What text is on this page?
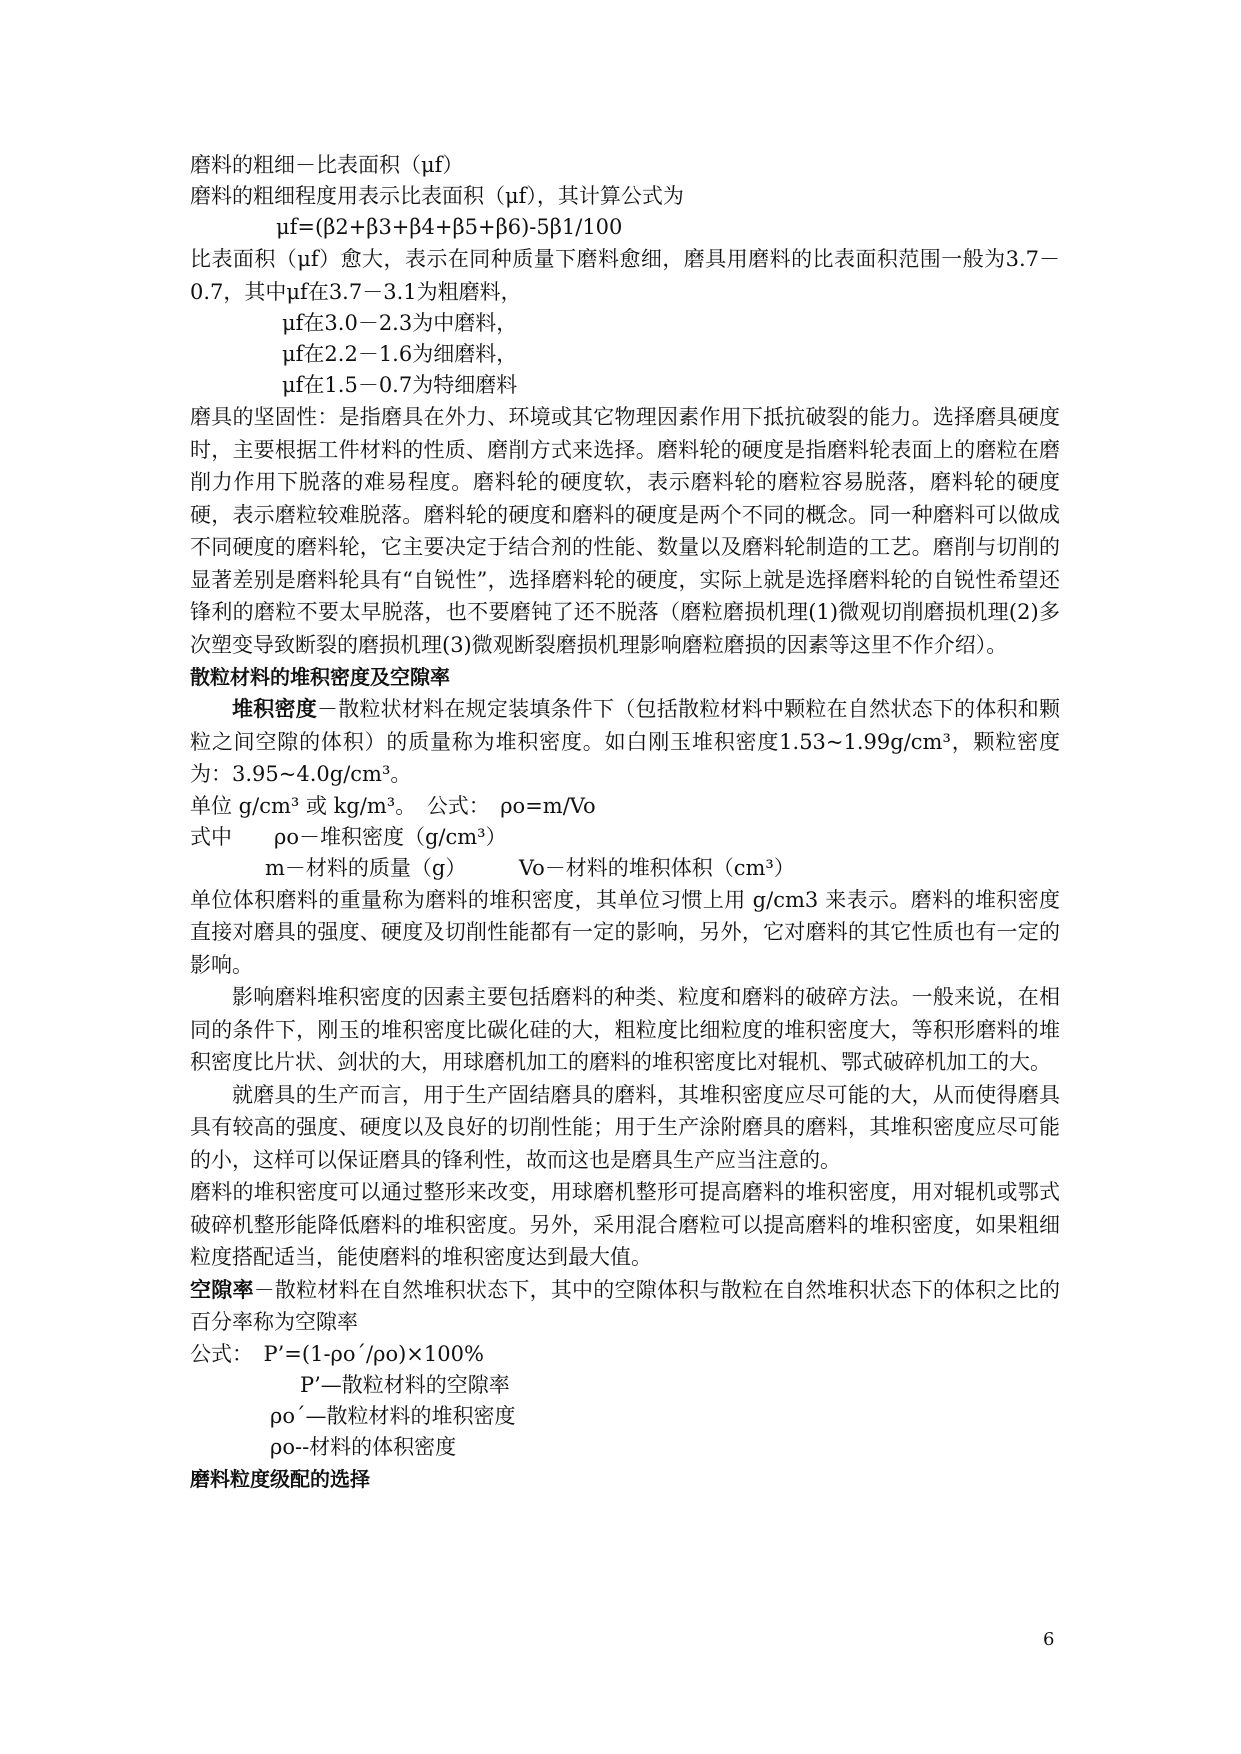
磨料的粗细－比表面积（μf）
磨料的粗细程度用表示比表面积（μf），其计算公式为
μf=(β2+β3+β4+β5+β6)-5β1/100
比表面积（μf）愈大，表示在同种质量下磨料愈细，磨具用磨料的比表面积范围一般为3.7－0.7，其中μf在3.7－3.1为粗磨料，
μf在3.0－2.3为中磨料，
μf在2.2－1.6为细磨料，
μf在1.5－0.7为特细磨料
磨具的坚固性：是指磨具在外力、环境或其它物理因素作用下抵抗破裂的能力。选择磨具硬度时，主要根据工件材料的性质、磨削方式来选择。磨料轮的硬度是指磨料轮表面上的磨粒在磨削力作用下脱落的难易程度。磨料轮的硬度软，表示磨料轮的磨粒容易脱落，磨料轮的硬度硬，表示磨粒较难脱落。磨料轮的硬度和磨料的硬度是两个不同的概念。同一种磨料可以做成不同硬度的磨料轮，它主要决定于结合剂的性能、数量以及磨料轮制造的工艺。磨削与切削的显著差别是磨料轮具有“自锐性”，选择磨料轮的硬度，实际上就是选择磨料轮的自锐性希望还锋利的磨粒不要太早脱落，也不要磨钝了还不脱落（磨粒磨损机理(1)微观切削磨损机理(2)多次塑变导致断裂的磨损机理(3)微观断裂磨损机理影响磨粒磨损的因素等这里不作介绍）。
散粒材料的堆积密度及空隙率
堆积密度－散粒状材料在规定装填条件下（包括散粒材料中颗粒在自然状态下的体积和颗粒之间空隙的体积）的质量称为堆积密度。如白刚玉堆积密度1.53~1.99g/cm³，颗粒密度为：3.95~4.0g/cm³。
单位 g/cm³ 或 kg/m³。　公式：　ρo=m/Vo
式中　　ρo－堆积密度（g/cm³）
m－材料的质量（g）　　　Vo－材料的堆积体积（cm³）
单位体积磨料的重量称为磨料的堆积密度，其单位习惯上用 g/cm3 来表示。磨料的堆积密度直接对磨具的强度、硬度及切削性能都有一定的影响，另外，它对磨料的其它性质也有一定的影响。
影响磨料堆积密度的因素主要包括磨料的种类、粒度和磨料的破碎方法。一般来说，在相同的条件下，刚玉的堆积密度比碳化硅的大，粗粒度比细粒度的堆积密度大，等积形磨料的堆积密度比片状、剑状的大，用球磨机加工的磨料的堆积密度比对辊机、鄂式破碎机加工的大。
就磨具的生产而言，用于生产固结磨具的磨料，其堆积密度应尽可能的大，从而使得磨具具有较高的强度、硬度以及良好的切削性能；用于生产涂附磨具的磨料，其堆积密度应尽可能的小，这样可以保证磨具的锋利性，故而这也是磨具生产应当注意的。
磨料的堆积密度可以通过整形来改变，用球磨机整形可提高磨料的堆积密度，用对辊机或鄂式破碎机整形能降低磨料的堆积密度。另外，采用混合磨粒可以提高磨料的堆积密度，如果粗细粒度搭配适当，能使磨料的堆积密度达到最大值。
空隙率－散粒材料在自然堆积状态下，其中的空隙体积与散粒在自然堆积状态下的体积之比的百分率称为空隙率
公式：　P’=(1-ρo´/ρo)×100%
P’—散粒材料的空隙率
ρo´—散粒材料的堆积密度
ρo--材料的体积密度
磨料粒度级配的选择
6
